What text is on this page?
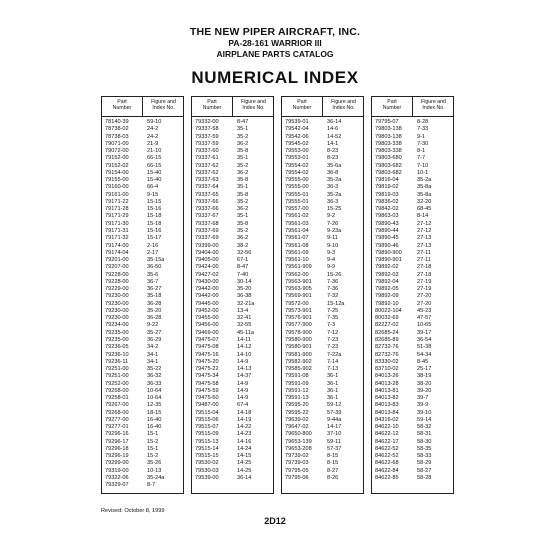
THE NEW PIPER AIRCRAFT, INC.
PA-28-161 WARRIOR III
AIRPLANE PARTS CATALOG
NUMERICAL INDEX
Part
Number
Figure and
Index No.
78140-39	59-10
78738-02	24-2
78738-03	24-2
79071-00	21-9
79072-00	21-10
79152-00	66-15
79152-02	66-15
79154-00	15-40
79155-00	15-40
79160-00	66-4
79161-00	9-15
79171-22	15-15
79171-28	15-16
79171-29	15-18
79171-30	15-18
79171-31	15-16
79171-32	15-17
79174-00	2-16
79174-04	2-17
79201-00	35-15a
79207-00	36-50
79228-00	35-6
79228-00	36-7
79229-00	36-27
79230-00	35-18
79230-00	36-28
79230-00	35-20
79230-00	36-28
79234-00	9-22
79235-00	35-27
79235-00	36-29
79236-05	34-2
79236-10	34-1
79236-11	34-1
79251-00	35-22
79251-00	36-32
79252-00	36-33
79258-00	10-64
79258-01	10-64
79267-00	12-35
79268-00	18-15
79277-00	16-40
79277-01	16-40
79296-16	15-1
79296-17	15-2
79296-18	15-1
79296-19	15-2
79299-00	35-26
79319-00	10-13
79322-06	35-24a
79329-07	8-7
Part
Number
Figure and
Index No.
79332-00	8-47
79337-58	35-1
79337-59	35-2
79337-59	36-2
79337-60	35-8
79337-61	35-1
79337-62	35-2
79337-62	36-2
79337-63	35-8
79337-64	35-1
79337-65	35-8
79337-66	35-2
79337-66	36-2
79337-67	35-1
79337-68	35-8
79337-69	35-2
79337-69	36-2
79399-00	38-2
79404-00	32-56
79405-00	67-1
79424-00	8-47
79427-02	7-40
79430-00	30-14
79442-00	35-20
79442-00	36-38
79445-00	32-21a
79452-00	13-4
79455-00	32-41
79456-00	32-55
79469-00	45-11a
79475-07	14-11
79475-08	14-12
79475-16	14-10
79475-20	14-9
79475-22	14-13
79475-34	14-37
79475-58	14-9
79475-59	14-9
79475-60	14-9
79487-00	67-4
79515-04	14-18
79515-06	14-19
79515-07	14-22
79515-09	14-23
79515-13	14-16
79515-14	14-24
79515-15	14-15
79530-02	14-25
79530-03	14-25
79539-00	36-14
Part
Number
Figure and
Index No.
79539-01	36-14
79542-04	14-6
79542-06	14-52
79545-02	14-1
79553-00	8-23
79553-01	8-23
79554-02	35-6a
79554-02	36-8
79555-00	35-2a
79555-00	36-3
79555-01	35-2a
79555-01	36-3
79557-00	15-25
79561-02	9-2
79561-03	7-26
79561-04	9-23a
79561-07	9-11
79561-08	9-10
79561-09	9-3
79561-10	9-4
79561-909	9-9
79562-00	15-26
79563-901	7-36
79563-905	7-36
79569-901	7-32
79572-00	15-12a
79573-901	7-25
79576-901	7-35
79577-900	7-3
79578-900	7-12
79580-900	7-23
79580-901	7-23
79581-900	7-22a
79582-902	7-14
79585-902	7-13
79591-08	36-1
79591-09	36-1
79591-12	36-1
79591-13	36-1
79595-20	59-12
79595-22	57-39
79639-02	9-44a
79647-02	14-17
79650-800	37-10
79653-139	59-11
79653-208	57-37
79739-02	8-15
79739-03	8-15
79795-05	8-27
79795-06	8-26
Part
Number
Figure and
Index No.
79795-07	8-28
79803-138	7-33
79803-138	9-1
79803-338	7-30
79803-338	8-1
79803-680	7-7
79803-682	7-10
79803-682	10-1
79816-04	35-2a
79819-02	35-8a
79819-03	35-8a
79836-02	32-20
79842-02	68-45
79863-03	8-14
79890-43	27-12
79890-44	27-12
79890-45	27-13
79890-46	27-13
79890-900	27-11
79890-901	27-11
79892-02	27-18
79892-03	27-18
79892-04	27-19
79892-05	27-19
79892-09	27-20
79892-10	27-20
80022-104	45-23
80032-69	47-57
82227-02	10-65
82685-24	39-17
82685-89	36-54
82732-76	51-38
82732-76	54-34
83330-02	8-45
83710-02	25-17
84013-26	38-19
84013-28	38-20
84013-81	39-20
84013-82	39-7
84013-83	39-9
84013-84	39-10
84316-02	59-14
84622-10	58-32
84622-12	58-31
84622-17	58-30
84622-52	58-35
84622-52	58-33
84622-68	58-29
84622-84	58-27
84622-85	58-28
Revised: October 8, 1999
2D12
